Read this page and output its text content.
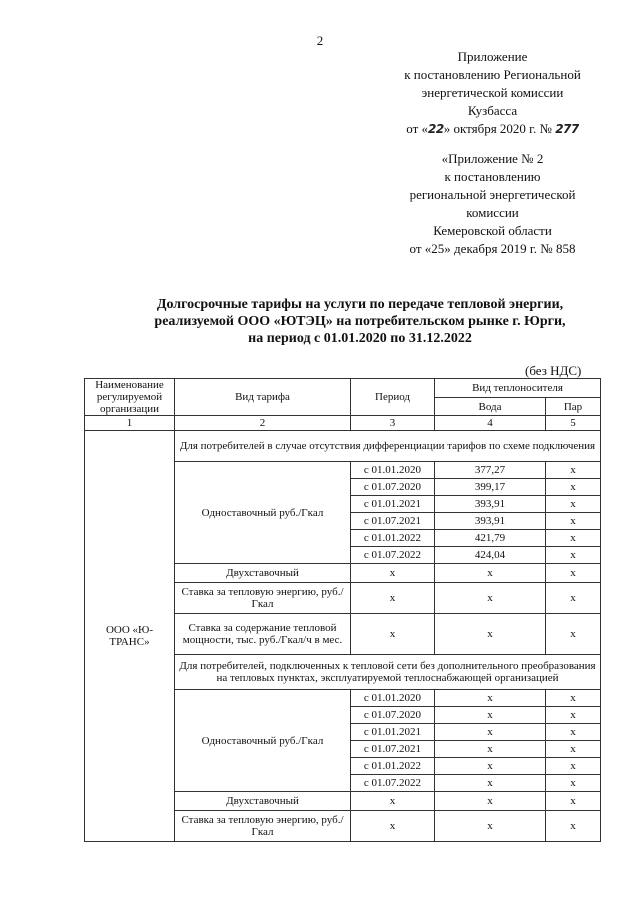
2
Приложение
к постановлению Региональной
энергетической комиссии
Кузбасса
от «22» октября 2020 г. № 277
«Приложение № 2
к постановлению
региональной энергетической
комиссии
Кемеровской области
от «25» декабря 2019 г. № 858
Долгосрочные тарифы на услуги по передаче тепловой энергии,
реализуемой ООО «ЮТЭЦ» на потребительском рынке г. Юрги,
на период с 01.01.2020 по 31.12.2022
(без НДС)
Наименование регулируемой организации	Вид тарифа	Период	Вид теплоносителя	
			Вода	Пар
1	2	3	4	5
ООО «Ю-ТРАНС»	Для потребителей в случае отсутствия дифференциации тарифов по схеме подключения			
	Одноставочный руб./Гкал	с 01.01.2020	377,27	х
		с 01.07.2020	399,17	х
		с 01.01.2021	393,91	х
		с 01.07.2021	393,91	х
		с 01.01.2022	421,79	х
		с 01.07.2022	424,04	х
	Двухставочный	х	х	х
	Ставка за тепловую энергию, руб./Гкал	х	х	х
	Ставка за содержание тепловой мощности, тыс. руб./Гкал/ч в мес.	х	х	х
	Для потребителей, подключенных к тепловой сети без дополнительного преобразования на тепловых пунктах, эксплуатируемой теплоснабжающей организацией			
	Одноставочный руб./Гкал	с 01.01.2020	х	х
		с 01.07.2020	х	х
		с 01.01.2021	х	х
		с 01.07.2021	х	х
		с 01.01.2022	х	х
		с 01.07.2022	х	х
	Двухставочный	х	х	х
	Ставка за тепловую энергию, руб./Гкал	х	х	х
